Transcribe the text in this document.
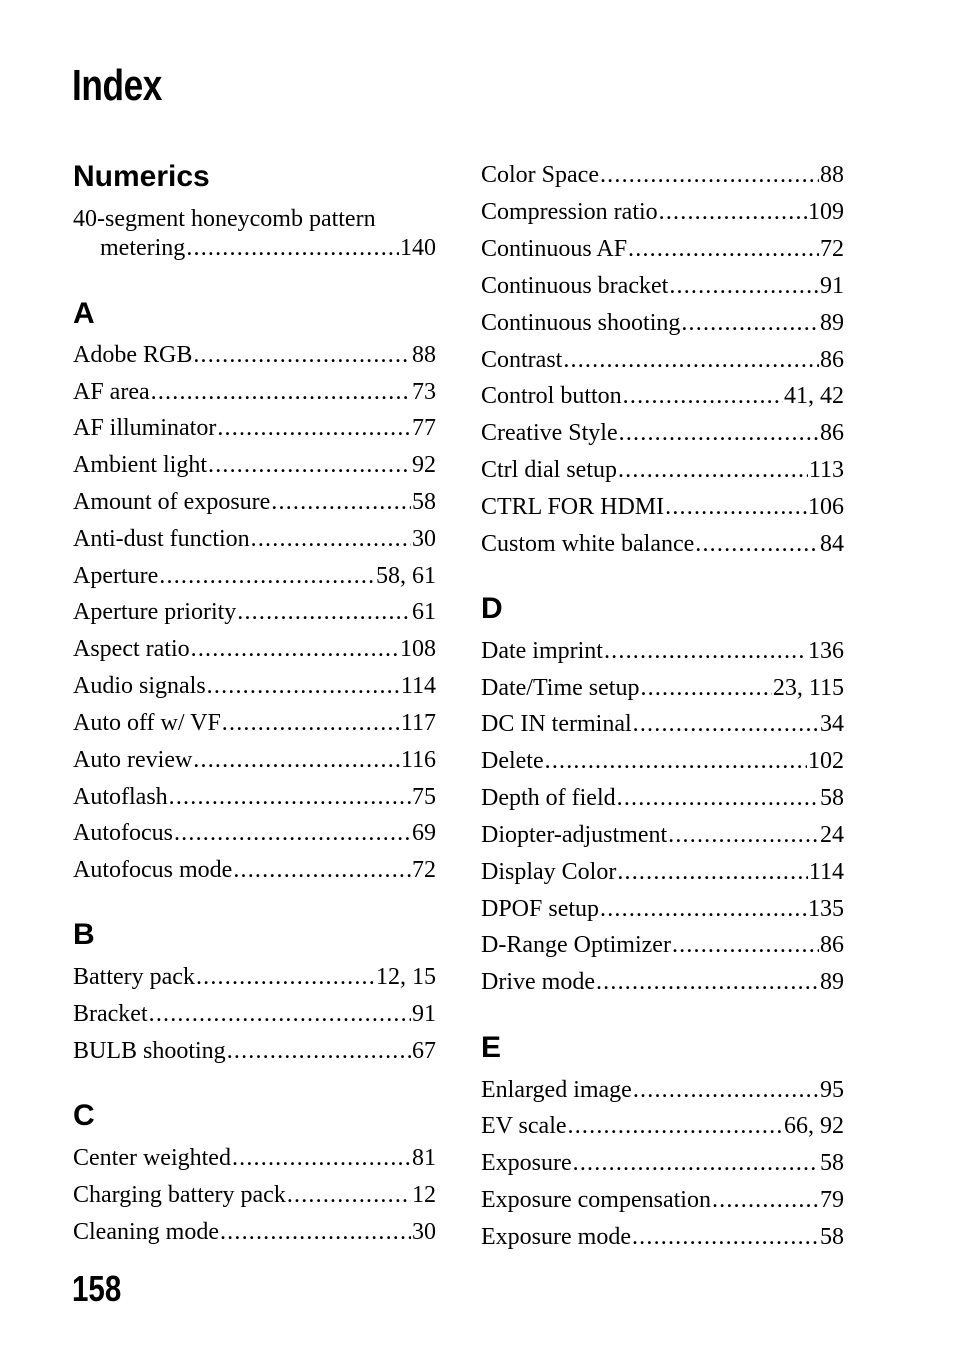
Index
Numerics
40-segment honeycomb pattern
metering .....	140
A
Adobe RGB .....	88
AF area .....	73
AF illuminator .....	77
Ambient light .....	92
Amount of exposure .....	58
Anti-dust function .....	30
Aperture .....	58, 61
Aperture priority .....	61
Aspect ratio .....	108
Audio signals .....	114
Auto off w/ VF .....	117
Auto review .....	116
Autoflash .....	75
Autofocus .....	69
Autofocus mode .....	72
B
Battery pack .....	12, 15
Bracket .....	91
BULB shooting .....	67
C
Center weighted .....	81
Charging battery pack .....	12
Cleaning mode .....	30
Color Space .....	88
Compression ratio .....	109
Continuous AF .....	72
Continuous bracket .....	91
Continuous shooting .....	89
Contrast .....	86
Control button .....	41, 42
Creative Style .....	86
Ctrl dial setup .....	113
CTRL FOR HDMI .....	106
Custom white balance .....	84
D
Date imprint .....	136
Date/Time setup .....	23, 115
DC IN terminal .....	34
Delete .....	102
Depth of field .....	58
Diopter-adjustment .....	24
Display Color .....	114
DPOF setup .....	135
D-Range Optimizer .....	86
Drive mode .....	89
E
Enlarged image .....	95
EV scale .....	66, 92
Exposure .....	58
Exposure compensation .....	79
Exposure mode .....	58
158
